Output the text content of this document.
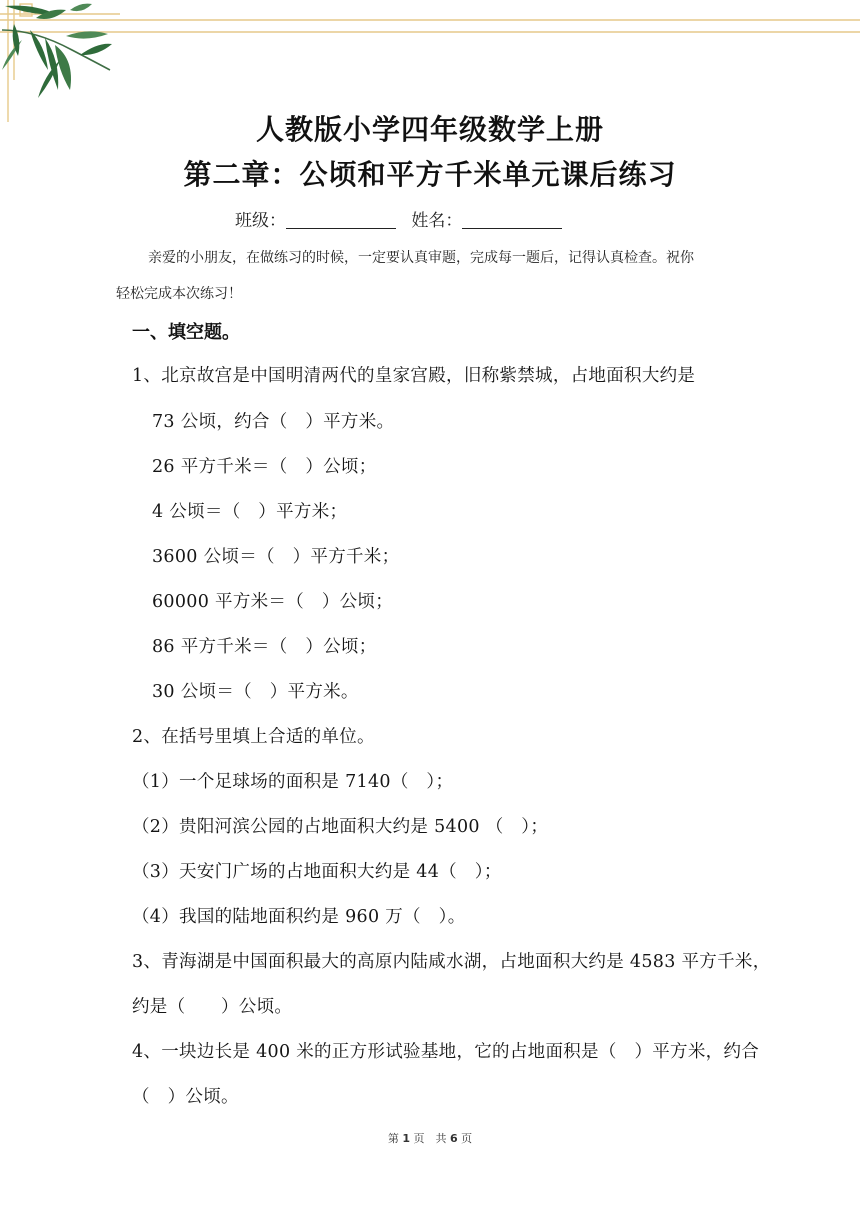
人教版小学四年级数学上册
第二章：公顷和平方千米单元课后练习
班级：	姓名：
亲爱的小朋友，在做练习的时候，一定要认真审题，完成每一题后，记得认真检查。祝你
轻松完成本次练习！
一、填空题。
1、北京故宫是中国明清两代的皇家宫殿，旧称紫禁城，占地面积大约是
73 公顷，约合（　）平方米。
26 平方千米＝（　）公顷；
4 公顷＝（　）平方米；
3600 公顷＝（　）平方千米；
60000 平方米＝（　）公顷；
86 平方千米＝（　）公顷；
30 公顷＝（　）平方米。
2、在括号里填上合适的单位。
（1）一个足球场的面积是 7140（　）；
（2）贵阳河滨公园的占地面积大约是 5400 （　）；
（3）天安门广场的占地面积大约是 44（　）；
（4）我国的陆地面积约是 960 万（　）。
3、青海湖是中国面积最大的高原内陆咸水湖，占地面积大约是 4583 平方千米，
约是（　　）公顷。
4、一块边长是 400 米的正方形试验基地，它的占地面积是（　）平方米，约合
（　）公顷。
第 1 页　共 6 页
